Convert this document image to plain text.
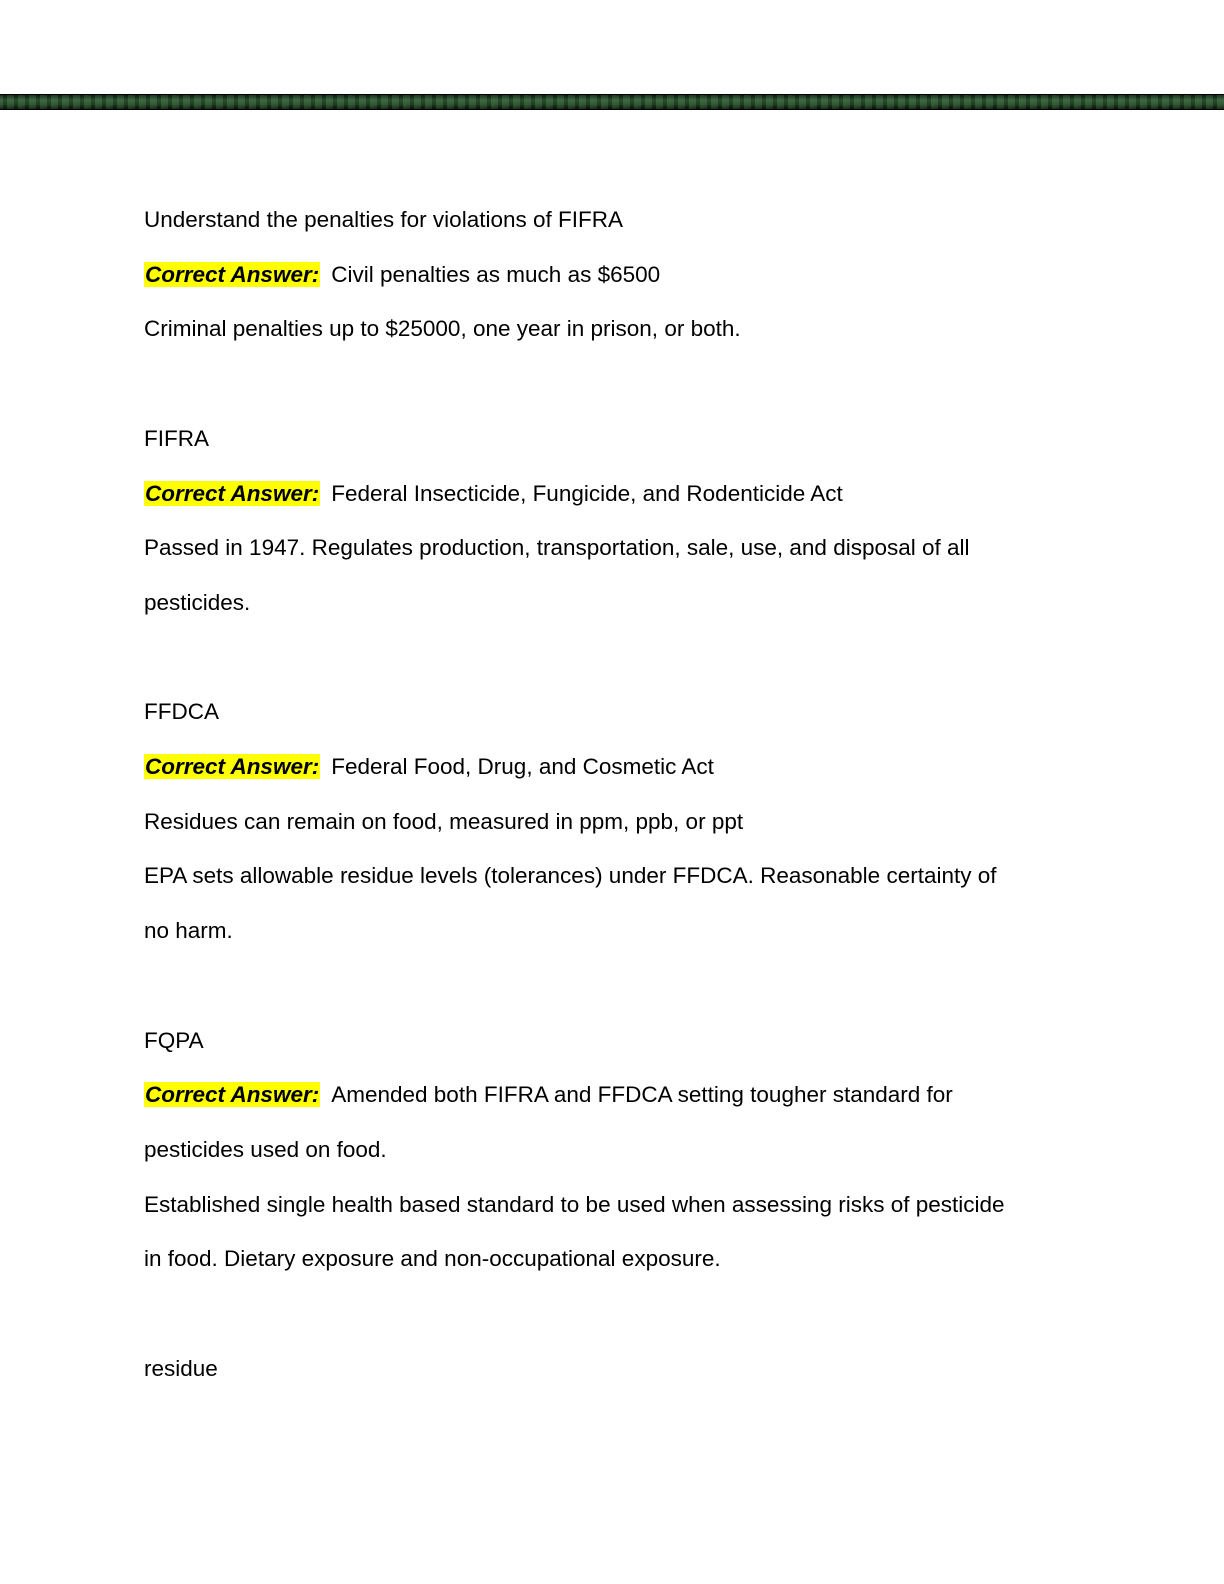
Understand the penalties for violations of FIFRA
Correct Answer: Civil penalties as much as $6500
Criminal penalties up to $25000, one year in prison, or both.
FIFRA
Correct Answer: Federal Insecticide, Fungicide, and Rodenticide Act
Passed in 1947. Regulates production, transportation, sale, use, and disposal of all
pesticides.
FFDCA
Correct Answer: Federal Food, Drug, and Cosmetic Act
Residues can remain on food, measured in ppm, ppb, or ppt
EPA sets allowable residue levels (tolerances) under FFDCA. Reasonable certainty of
no harm.
FQPA
Correct Answer: Amended both FIFRA and FFDCA setting tougher standard for
pesticides used on food.
Established single health based standard to be used when assessing risks of pesticide
in food. Dietary exposure and non-occupational exposure.
residue
